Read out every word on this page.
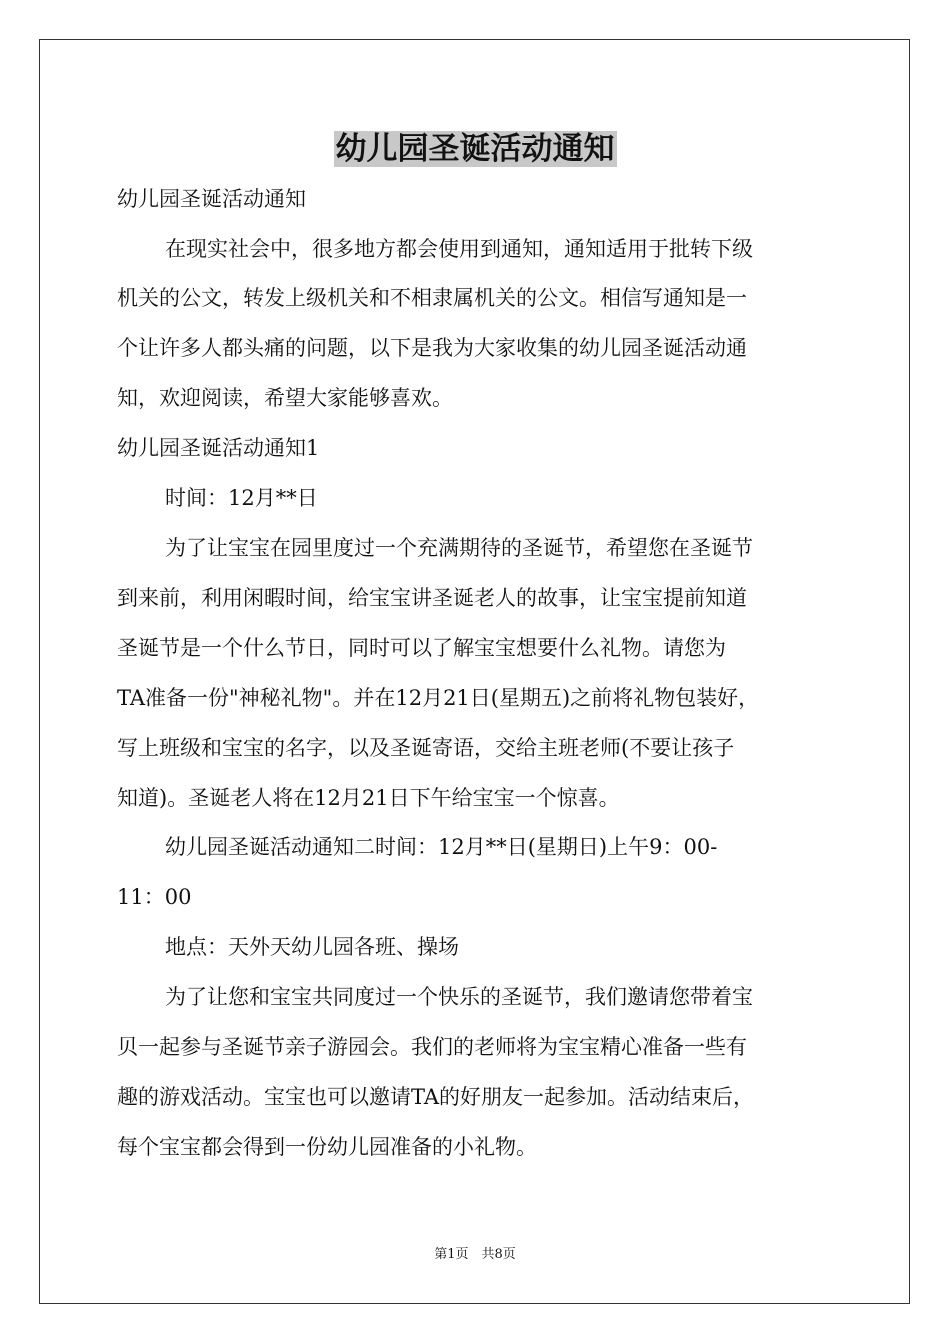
幼儿园圣诞活动通知

幼儿园圣诞活动通知

在现实社会中，很多地方都会使用到通知，通知适用于批转下级

机关的公文，转发上级机关和不相隶属机关的公文。相信写通知是一

个让许多人都头痛的问题，以下是我为大家收集的幼儿园圣诞活动通

知，欢迎阅读，希望大家能够喜欢。

幼儿园圣诞活动通知1

时间：12月**日

为了让宝宝在园里度过一个充满期待的圣诞节，希望您在圣诞节

到来前，利用闲暇时间，给宝宝讲圣诞老人的故事，让宝宝提前知道

圣诞节是一个什么节日，同时可以了解宝宝想要什么礼物。请您为

TA准备一份"神秘礼物"。并在12月21日(星期五)之前将礼物包装好，

写上班级和宝宝的名字，以及圣诞寄语，交给主班老师(不要让孩子

知道)。圣诞老人将在12月21日下午给宝宝一个惊喜。

幼儿园圣诞活动通知二时间：12月**日(星期日)上午9：00-

11：00

地点：天外天幼儿园各班、操场

为了让您和宝宝共同度过一个快乐的圣诞节，我们邀请您带着宝

贝一起参与圣诞节亲子游园会。我们的老师将为宝宝精心准备一些有

趣的游戏活动。宝宝也可以邀请TA的好朋友一起参加。活动结束后，

每个宝宝都会得到一份幼儿园准备的小礼物。

第1页　共8页
